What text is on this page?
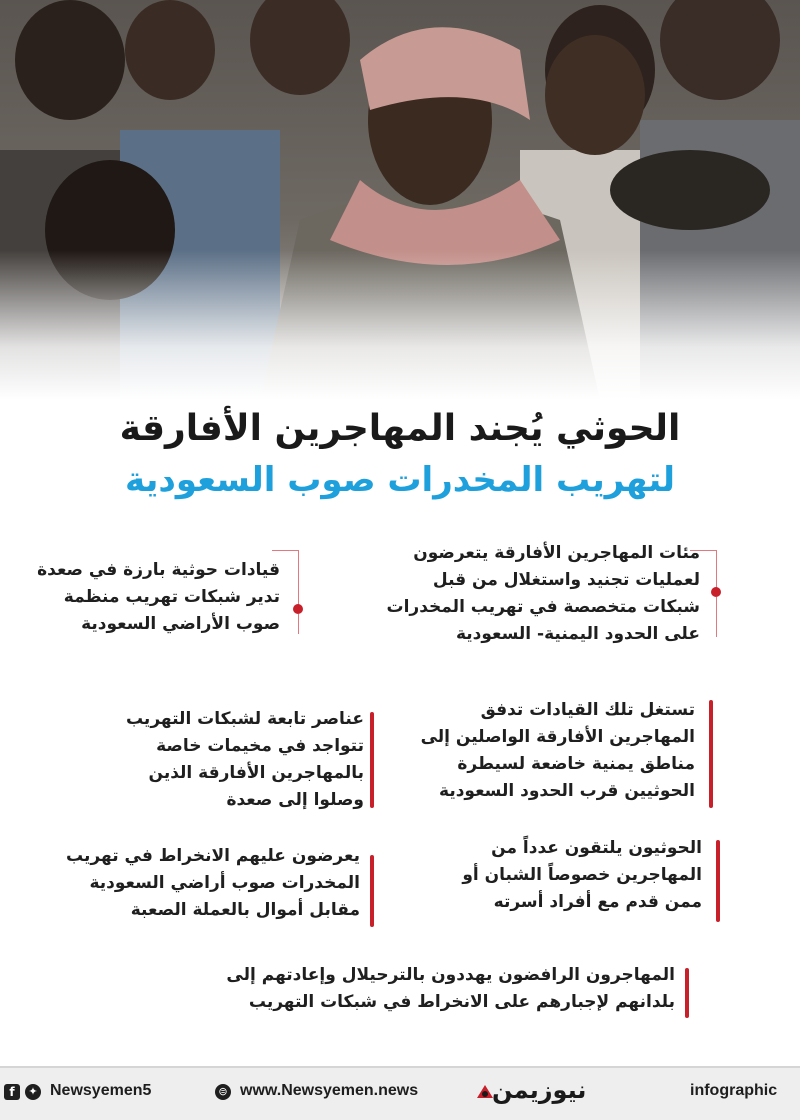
الحوثي يُجند المهاجرين الأفارقة
لتهريب المخدرات صوب السعودية

مئات المهاجرين الأفارقة يتعرضون

لعمليات تجنيد واستغلال من قبل

شبكات متخصصة في تهريب المخدرات

على الحدود اليمنية- السعودية

قيادات حوثية بارزة في صعدة

تدير شبكات تهريب منظمة

صوب الأراضي السعودية

تستغل تلك القيادات تدفق

المهاجرين الأفارقة الواصلين إلى

مناطق يمنية خاضعة لسيطرة

الحوثيين قرب الحدود السعودية

عناصر تابعة لشبكات التهريب

تتواجد في مخيمات خاصة

بالمهاجرين الأفارقة الذين

وصلوا إلى صعدة

الحوثيون يلتقون عدداً من

المهاجرين خصوصاً الشبان أو

ممن قدم مع أفراد أسرته

يعرضون عليهم الانخراط في تهريب

المخدرات صوب أراضي السعودية

مقابل أموال بالعملة الصعبة

المهاجرون الرافضون يهددون بالترحيلال وإعادتهم إلى

بلدانهم لإجبارهم على الانخراط في شبكات التهريب

f	✦ Newsyemen5	⊜ www.Newsyemen.news	نيوزيمن	infographic
